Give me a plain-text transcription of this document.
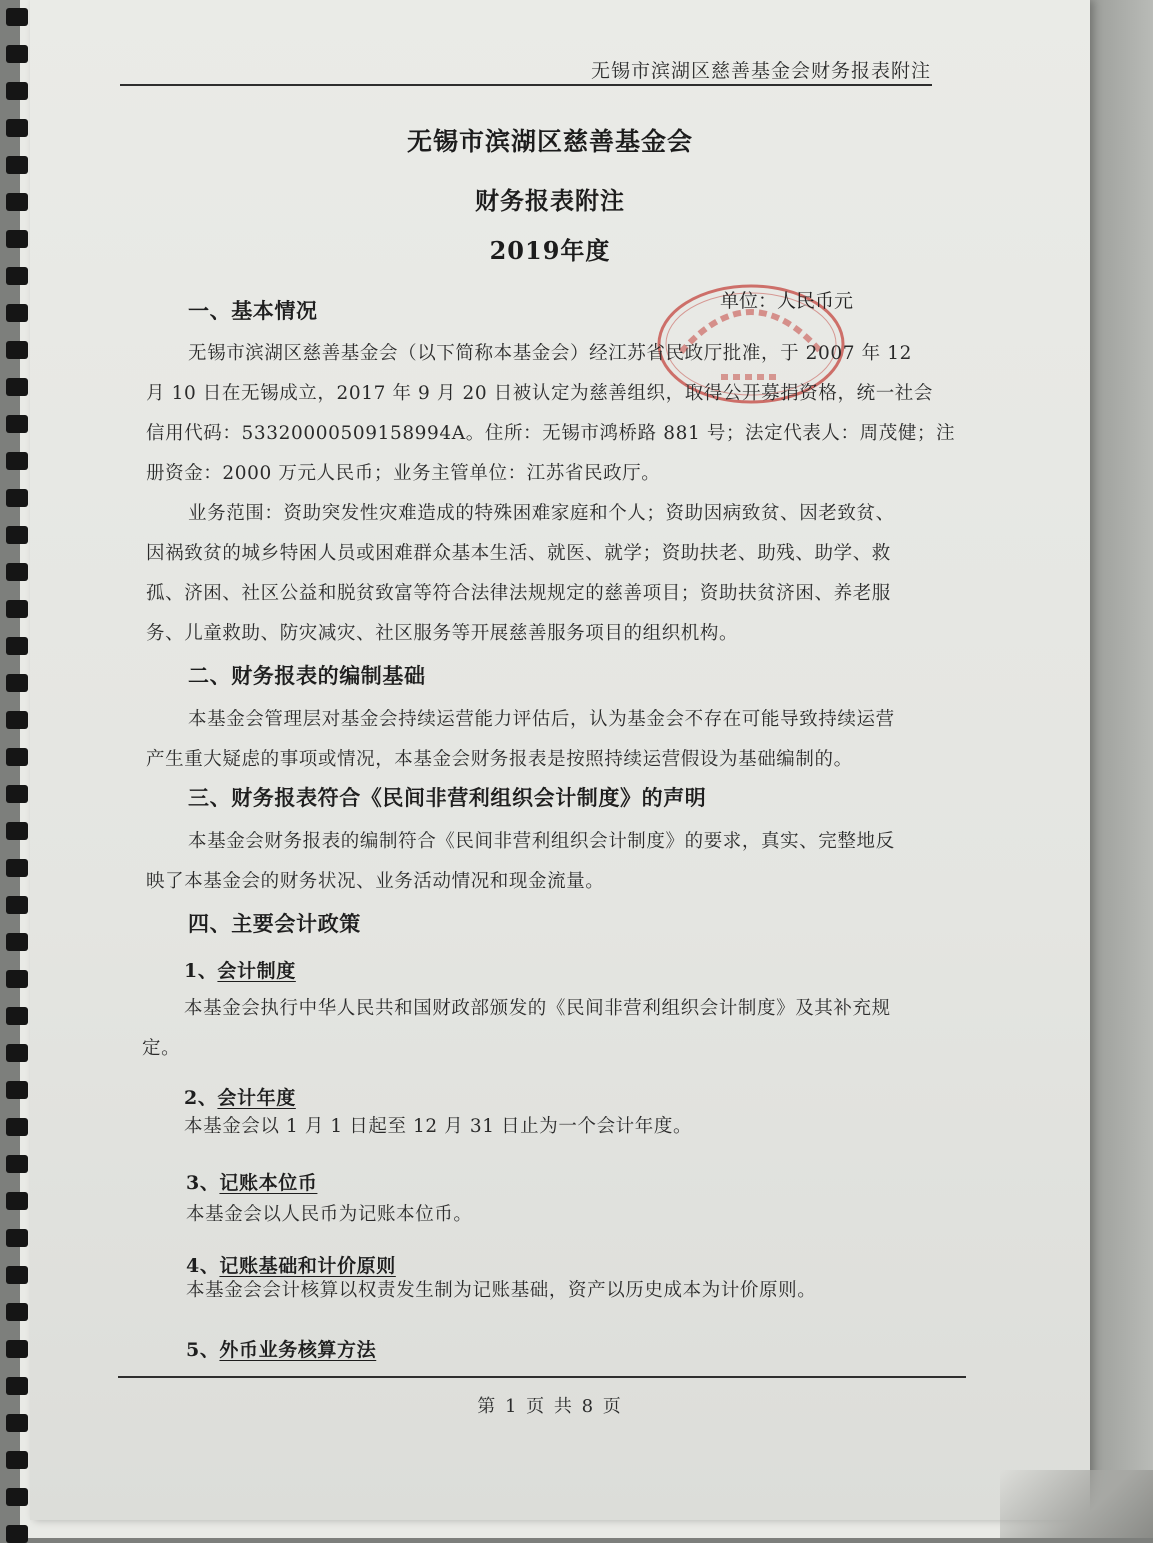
无锡市滨湖区慈善基金会财务报表附注
无锡市滨湖区慈善基金会
财务报表附注
2019年度
单位：人民币元
一、基本情况
无锡市滨湖区慈善基金会（以下简称本基金会）经江苏省民政厅批准，于 2007 年 12
月 10 日在无锡成立，2017 年 9 月 20 日被认定为慈善组织，取得公开募捐资格，统一社会
信用代码：53320000509158994A。住所：无锡市鸿桥路 881 号；法定代表人：周茂健；注
册资金：2000 万元人民币；业务主管单位：江苏省民政厅。
业务范围：资助突发性灾难造成的特殊困难家庭和个人；资助因病致贫、因老致贫、
因祸致贫的城乡特困人员或困难群众基本生活、就医、就学；资助扶老、助残、助学、救
孤、济困、社区公益和脱贫致富等符合法律法规规定的慈善项目；资助扶贫济困、养老服
务、儿童救助、防灾减灾、社区服务等开展慈善服务项目的组织机构。
二、财务报表的编制基础
本基金会管理层对基金会持续运营能力评估后，认为基金会不存在可能导致持续运营
产生重大疑虑的事项或情况，本基金会财务报表是按照持续运营假设为基础编制的。
三、财务报表符合《民间非营利组织会计制度》的声明
本基金会财务报表的编制符合《民间非营利组织会计制度》的要求，真实、完整地反
映了本基金会的财务状况、业务活动情况和现金流量。
四、主要会计政策
1、会计制度
本基金会执行中华人民共和国财政部颁发的《民间非营利组织会计制度》及其补充规
定。
2、会计年度
本基金会以 1 月 1 日起至 12 月 31 日止为一个会计年度。
3、记账本位币
本基金会以人民币为记账本位币。
4、记账基础和计价原则
本基金会会计核算以权责发生制为记账基础，资产以历史成本为计价原则。
5、外币业务核算方法
第 1 页 共 8 页
